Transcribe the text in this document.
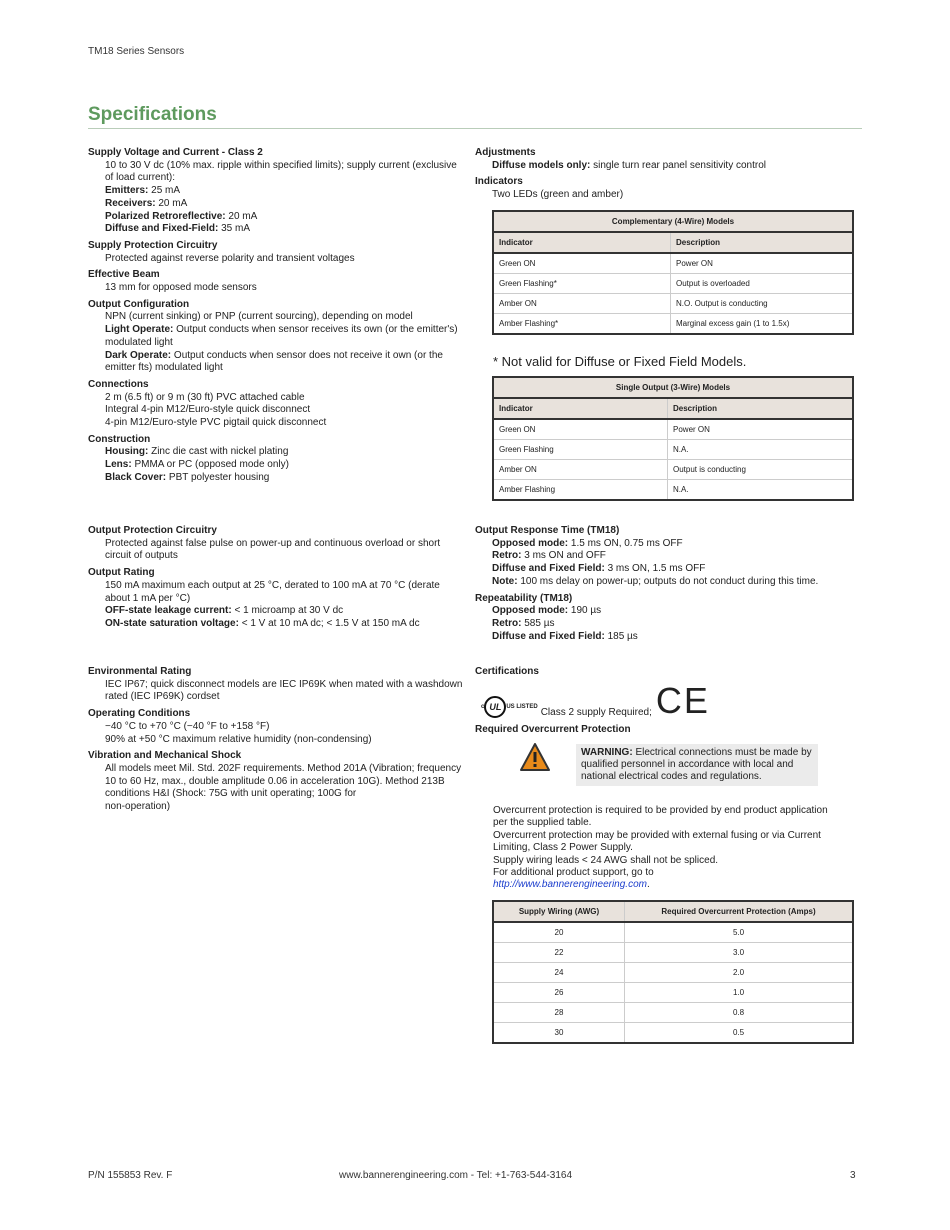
TM18 Series Sensors
Specifications
Supply Voltage and Current - Class 2
10 to 30 V dc (10% max. ripple within specified limits); supply current (exclusive of load current):
Emitters: 25 mA
Receivers: 20 mA
Polarized Retroreflective: 20 mA
Diffuse and Fixed-Field: 35 mA
Supply Protection Circuitry
Protected against reverse polarity and transient voltages
Effective Beam
13 mm for opposed mode sensors
Output Configuration
NPN (current sinking) or PNP (current sourcing), depending on model
Light Operate: Output conducts when sensor receives its own (or the emitter's) modulated light
Dark Operate: Output conducts when sensor does not receive it own (or the emitter fts) modulated light
Connections
2 m (6.5 ft) or 9 m (30 ft) PVC attached cable
Integral 4-pin M12/Euro-style quick disconnect
4-pin M12/Euro-style PVC pigtail quick disconnect
Construction
Housing: Zinc die cast with nickel plating
Lens: PMMA or PC (opposed mode only)
Black Cover: PBT polyester housing
Output Protection Circuitry
Protected against false pulse on power-up and continuous overload or short circuit of outputs
Output Rating
150 mA maximum each output at 25 °C, derated to 100 mA at 70 °C (derate about 1 mA per °C)
OFF-state leakage current: < 1 microamp at 30 V dc
ON-state saturation voltage: < 1 V at 10 mA dc; < 1.5 V at 150 mA dc
Environmental Rating
IEC IP67; quick disconnect models are IEC IP69K when mated with a washdown rated (IEC IP69K) cordset
Operating Conditions
−40 °C to +70 °C (−40 °F to +158 °F)
90% at +50 °C maximum relative humidity (non-condensing)
Vibration and Mechanical Shock
All models meet Mil. Std. 202F requirements. Method 201A (Vibration; frequency 10 to 60 Hz, max., double amplitude 0.06 in acceleration 10G). Method 213B conditions H&I (Shock: 75G with unit operating; 100G for
non-operation)
Adjustments
Diffuse models only: single turn rear panel sensitivity control
Indicators
Two LEDs (green and amber)
Output Response Time (TM18)
Opposed mode: 1.5 ms ON, 0.75 ms OFF
Retro: 3 ms ON and OFF
Diffuse and Fixed Field: 3 ms ON, 1.5 ms OFF
Note: 100 ms delay on power-up; outputs do not conduct during this time.
Repeatability (TM18)
Opposed mode: 190 µs
Retro: 585 µs
Diffuse and Fixed Field: 185 µs
Complementary (4-Wire) Models	
Indicator	Description
Green ON	Power ON
Green Flashing*	Output is overloaded
Amber ON	N.O. Output is conducting
Amber Flashing*	Marginal excess gain (1 to 1.5x)
* Not valid for Diffuse or Fixed Field Models.
Single Output (3-Wire) Models	
Indicator	Description
Green ON	Power ON
Green Flashing	N.A.
Amber ON	Output is conducting
Amber Flashing	N.A.
Certifications
c UL US LISTED Class 2 supply Required; CE
Required Overcurrent Protection
WARNING: Electrical connections must be made by qualified personnel in accordance with local and national electrical codes and regulations.
Overcurrent protection is required to be provided by end product application per the supplied table.
Overcurrent protection may be provided with external fusing or via Current Limiting, Class 2 Power Supply.
Supply wiring leads < 24 AWG shall not be spliced.
For additional product support, go to http://www.bannerengineering.com.
Supply Wiring (AWG)	Required Overcurrent Protection (Amps)
20	5.0
22	3.0
24	2.0
26	1.0
28	0.8
30	0.5
P/N 155853 Rev. F	www.bannerengineering.com - Tel: +1-763-544-3164	3
